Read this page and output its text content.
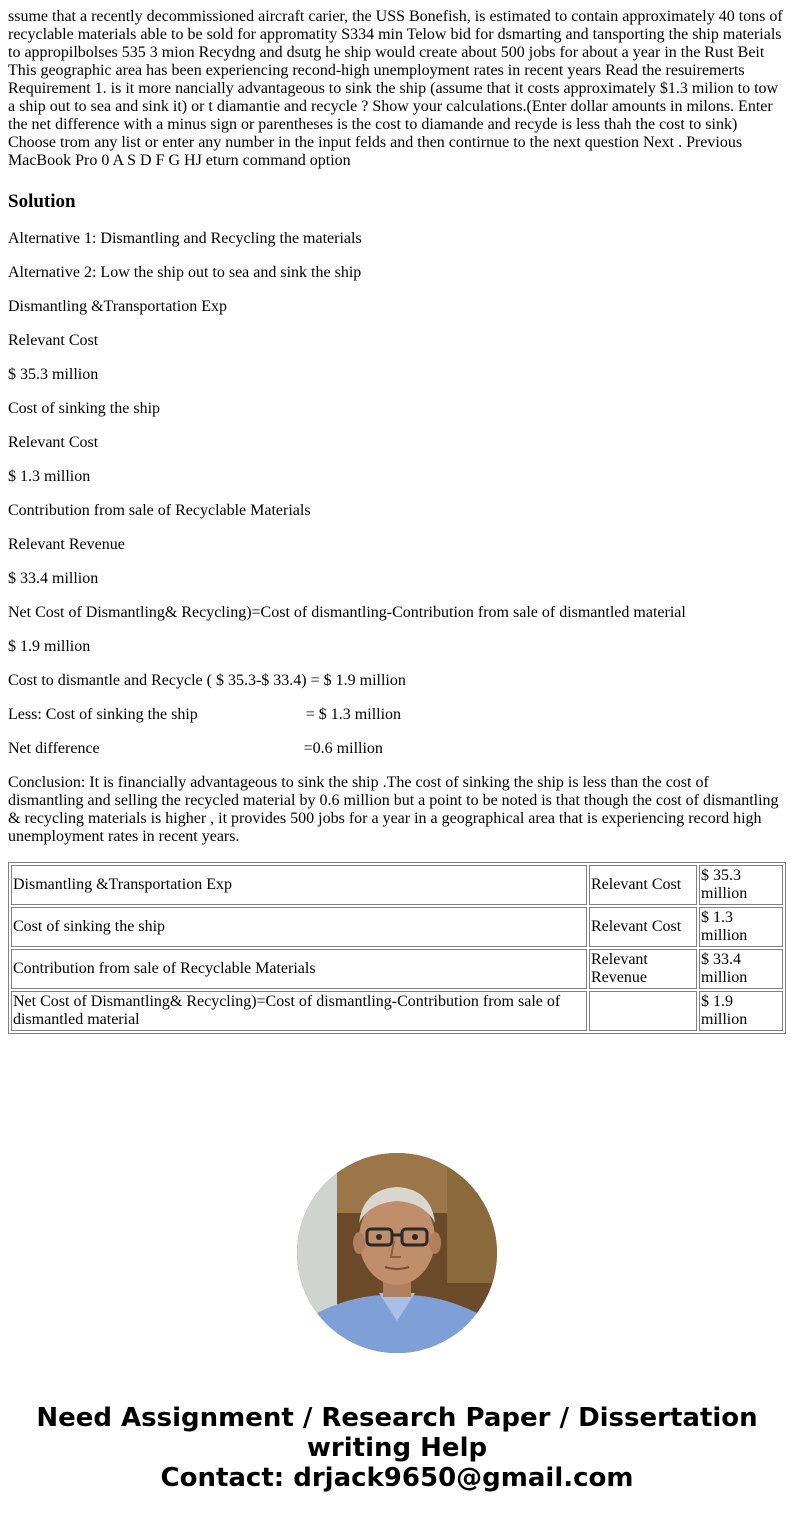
ssume that a recently decommissioned aircraft carier, the USS Bonefish, is estimated to contain approximately 40 tons of recyclable materials able to be sold for appromatity S334 min Telow bid for dsmarting and tansporting the ship materials to appropilbolses 535 3 mion Recydng and dsutg he ship would create about 500 jobs for about a year in the Rust Beit This geographic area has been experiencing recond-high unemployment rates in recent years Read the resuiremerts Requirement 1. is it more nancially advantageous to sink the ship (assume that it costs approximately $1.3 milion to tow a ship out to sea and sink it) or t diamantie and recycle ? Show your calculations.(Enter dollar amounts in milons. Enter the net difference with a minus sign or parentheses is the cost to diamande and recyde is less thah the cost to sink) Choose trom any list or enter any number in the input felds and then contirnue to the next question Next . Previous MacBook Pro 0 A S D F G HJ eturn command option
Solution

Alternative 1: Dismantling and Recycling the materials

Alternative 2: Low the ship out to sea and sink the ship

Dismantling &Transportation Exp

Relevant Cost

$ 35.3 million

Cost of sinking the ship

Relevant Cost

$ 1.3 million

Contribution from sale of Recyclable Materials

Relevant Revenue

$ 33.4 million

Net Cost of Dismantling& Recycling)=Cost of dismantling-Contribution from sale of dismantled material

$ 1.9 million

Cost to dismantle and Recycle ( $ 35.3-$ 33.4) = $ 1.9 million

Less: Cost of sinking the ship                           = $ 1.3 million

Net difference                                                   =0.6 million

Conclusion: It is financially advantageous to sink the ship .The cost of sinking the ship is less than the cost of dismantling and selling the recycled material by 0.6 million but a point to be noted is that though the cost of dismantling & recycling materials is higher , it provides 500 jobs for a year in a geographical area that is experiencing record high unemployment rates in recent years.

Dismantling &Transportation Exp	Relevant Cost	$ 35.3 million
Cost of sinking the ship	Relevant Cost	$ 1.3 million
Contribution from sale of Recyclable Materials	Relevant Revenue	$ 33.4 million
Net Cost of Dismantling& Recycling)=Cost of dismantling-Contribution from sale of dismantled material		$ 1.9 million
Need Assignment / Research Paper / Dissertation
writing Help
Contact: drjack9650@gmail.com
